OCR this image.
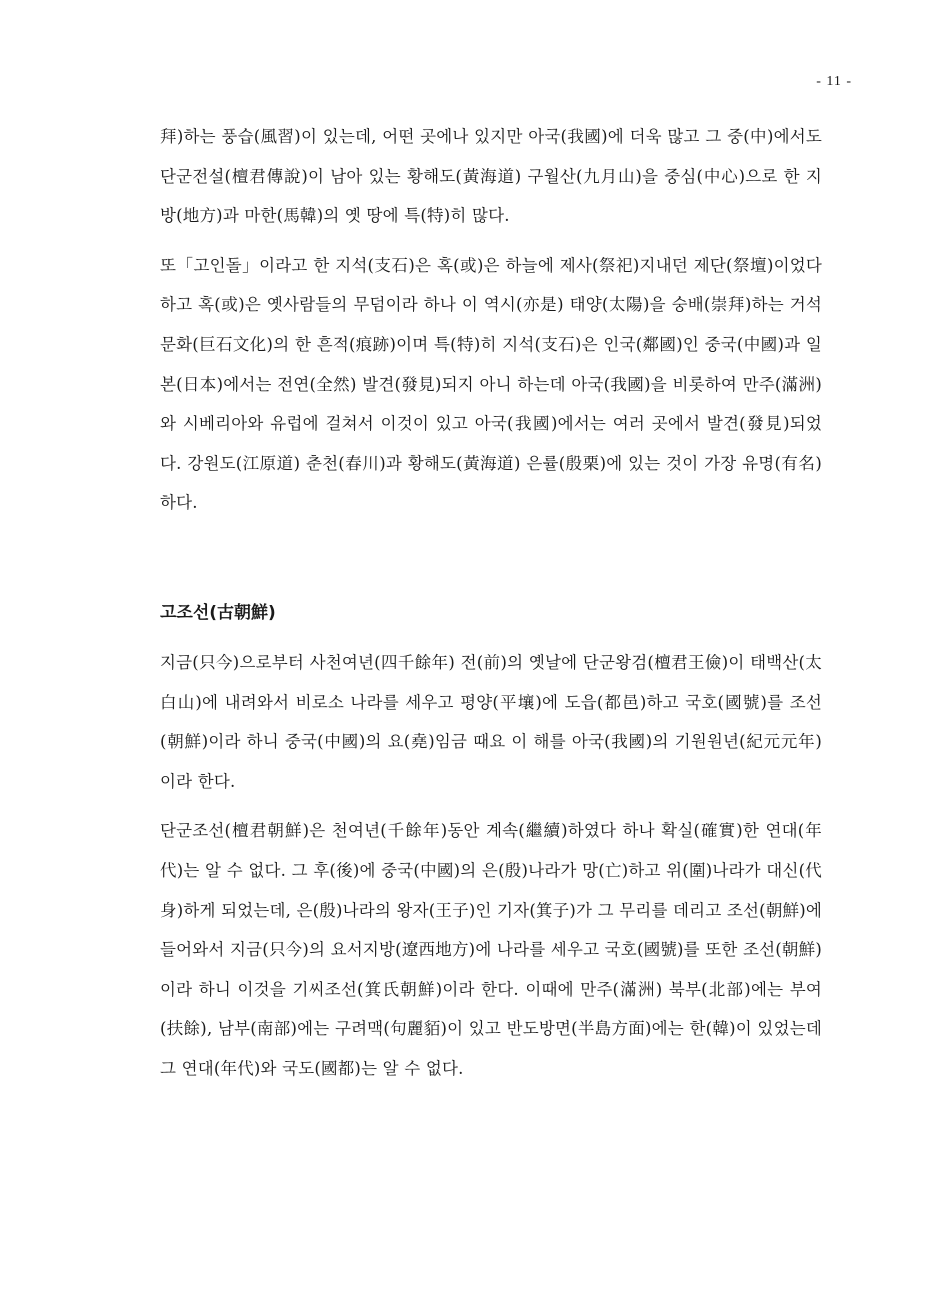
- 11 -

拜)하는 풍습(風習)이 있는데, 어떤 곳에나 있지만 아국(我國)에 더욱 많고 그 중(中)에서도 단군전설(檀君傳說)이 남아 있는 황해도(黃海道) 구월산(九月山)을 중심(中心)으로 한 지방(地方)과 마한(馬韓)의 옛 땅에 특(特)히 많다.

또「고인돌」이라고 한 지석(支石)은 혹(或)은 하늘에 제사(祭祀)지내던 제단(祭壇)이었다 하고 혹(或)은 옛사람들의 무덤이라 하나 이 역시(亦是) 태양(太陽)을 숭배(崇拜)하는 거석문화(巨石文化)의 한 흔적(痕跡)이며 특(特)히 지석(支石)은 인국(鄰國)인 중국(中國)과 일본(日本)에서는 전연(全然) 발견(發見)되지 아니 하는데 아국(我國)을 비롯하여 만주(滿洲)와 시베리아와 유럽에 걸쳐서 이것이 있고 아국(我國)에서는 여러 곳에서 발견(發見)되었다. 강원도(江原道) 춘천(春川)과 황해도(黃海道) 은률(殷栗)에 있는 것이 가장 유명(有名)하다.

고조선(古朝鮮)

지금(只今)으로부터 사천여년(四千餘年) 전(前)의 옛날에 단군왕검(檀君王儉)이 태백산(太白山)에 내려와서 비로소 나라를 세우고 평양(平壤)에 도읍(都邑)하고 국호(國號)를 조선(朝鮮)이라 하니 중국(中國)의 요(堯)임금 때요 이 해를 아국(我國)의 기원원년(紀元元年)이라 한다.

단군조선(檀君朝鮮)은 천여년(千餘年)동안 계속(繼續)하였다 하나 확실(確實)한 연대(年代)는 알 수 없다. 그 후(後)에 중국(中國)의 은(殷)나라가 망(亡)하고 위(圍)나라가 대신(代身)하게 되었는데, 은(殷)나라의 왕자(王子)인 기자(箕子)가 그 무리를 데리고 조선(朝鮮)에 들어와서 지금(只今)의 요서지방(遼西地方)에 나라를 세우고 국호(國號)를 또한 조선(朝鮮)이라 하니 이것을 기씨조선(箕氏朝鮮)이라 한다. 이때에 만주(滿洲) 북부(北部)에는 부여(扶餘), 남부(南部)에는 구려맥(句麗貊)이 있고 반도방면(半島方面)에는 한(韓)이 있었는데 그 연대(年代)와 국도(國都)는 알 수 없다.
